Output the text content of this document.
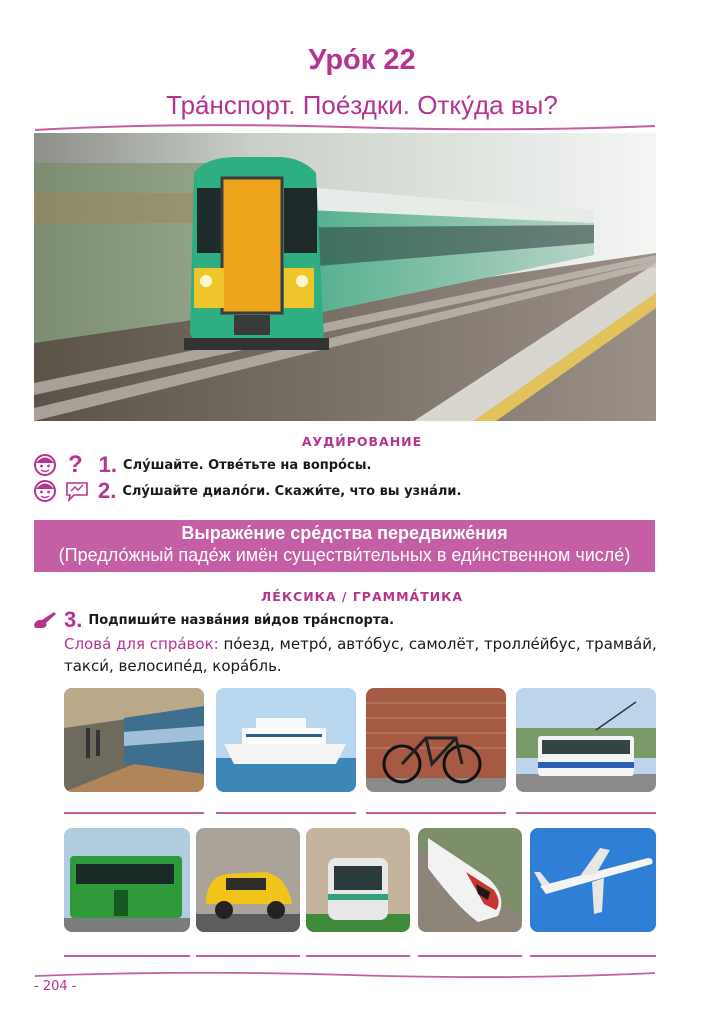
Уро́к 22
Тра́нспорт. Пое́здки. Отку́да вы?
АУДИ́РОВАНИЕ
? 1. Слу́шайте. Отве́тьте на вопро́сы.
2. Слу́шайте диало́ги. Скажи́те, что вы узна́ли.
Выраже́ние сре́дства передвиже́ния
(Предло́жный паде́ж имён существи́тельных в еди́нственном числе́)
ЛЕ́КСИКА / ГРАММА́ТИКА
3. Подпиши́те назва́ния ви́дов тра́нспорта.
Слова́ для спра́вок: по́езд, метро́, авто́бус, самолёт, тролле́йбус, трамва́й, такси́, велосипе́д, кора́бль.
- 204 -
